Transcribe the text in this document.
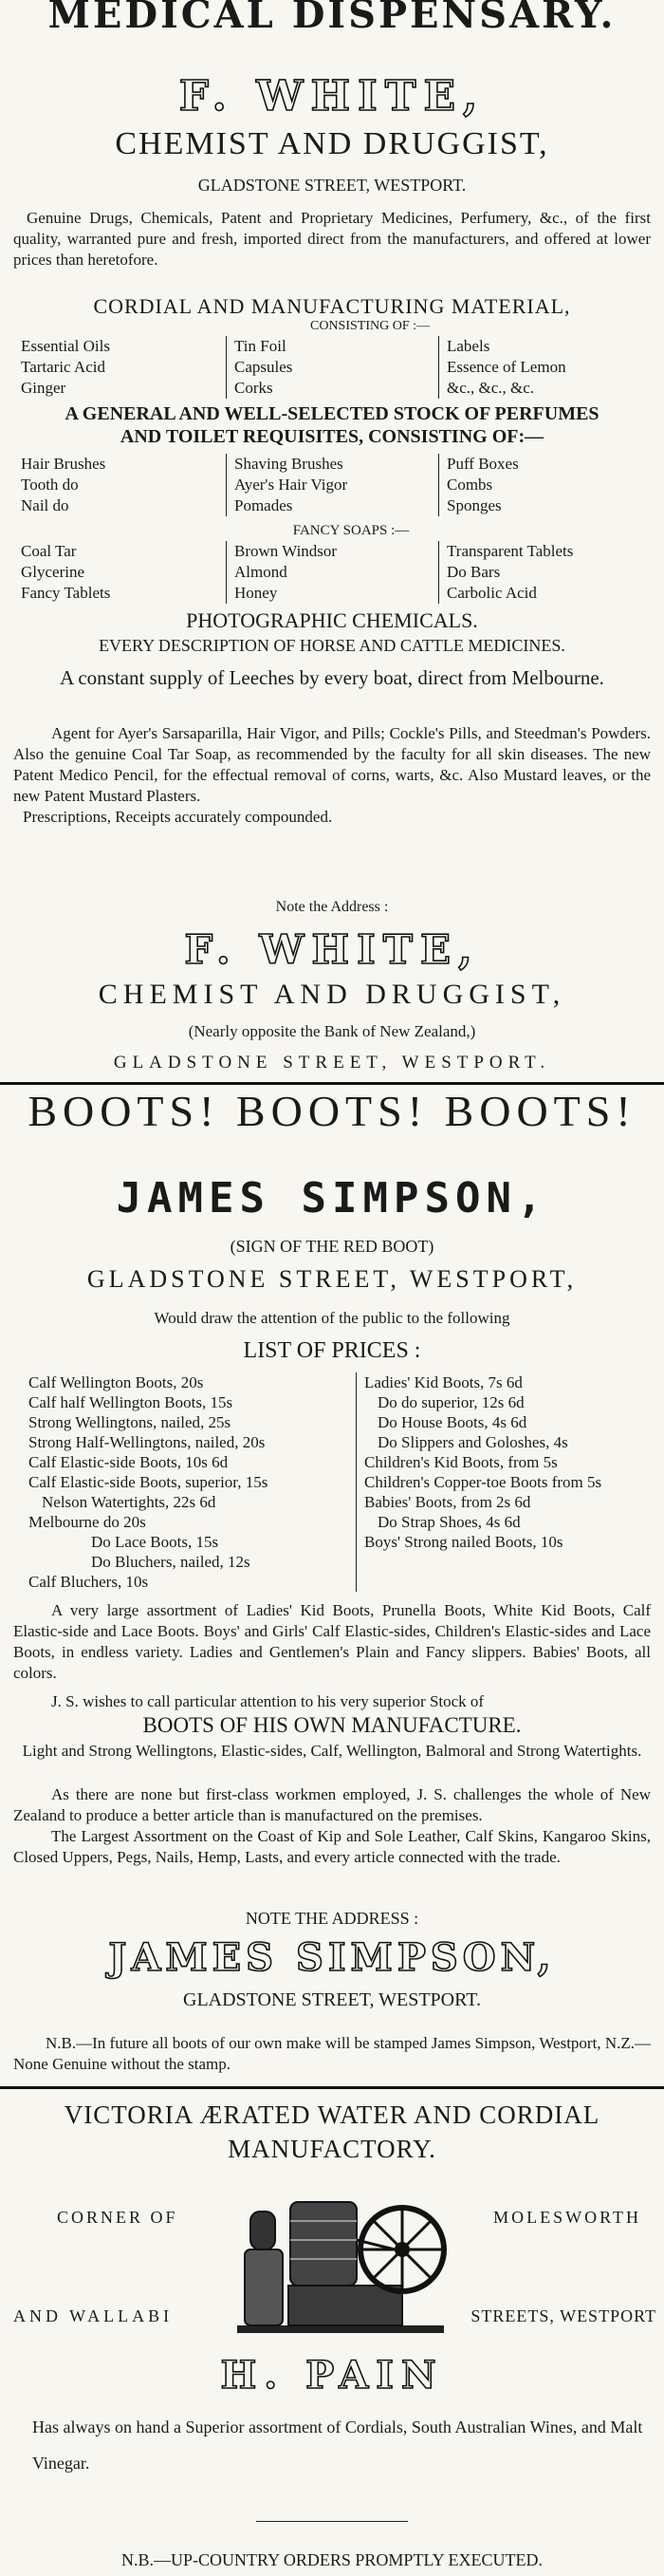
MEDICAL DISPENSARY.
F. WHITE,
CHEMIST AND DRUGGIST,
GLADSTONE STREET, WESTPORT.
Genuine Drugs, Chemicals, Patent and Proprietary Medicines, Perfumery, &c., of the first quality, warranted pure and fresh, imported direct from the manufacturers, and offered at lower prices than heretofore.
CORDIAL AND MANUFACTURING MATERIAL,
CONSISTING OF :—
Essential Oils
Tartaric Acid
Ginger
Tin Foil
Capsules
Corks
Labels
Essence of Lemon
&c., &c., &c.
A GENERAL AND WELL-SELECTED STOCK OF PERFUMES
AND TOILET REQUISITES, CONSISTING OF:—
Hair Brushes
Tooth do
Nail do
Shaving Brushes
Ayer's Hair Vigor
Pomades
Puff Boxes
Combs
Sponges
FANCY SOAPS :—
Coal Tar
Glycerine
Fancy Tablets
Brown Windsor
Almond
Honey
Transparent Tablets
Do Bars
Carbolic Acid
PHOTOGRAPHIC CHEMICALS.
EVERY DESCRIPTION OF HORSE AND CATTLE MEDICINES.
A constant supply of Leeches by every boat, direct from Melbourne.
Agent for Ayer's Sarsaparilla, Hair Vigor, and Pills; Cockle's Pills, and Steedman's Powders. Also the genuine Coal Tar Soap, as recommended by the faculty for all skin diseases. The new Patent Medico Pencil, for the effectual removal of corns, warts, &c. Also Mustard leaves, or the new Patent Mustard Plasters.
Prescriptions, Receipts accurately compounded.
Note the Address :
F. WHITE,
CHEMIST AND DRUGGIST,
(Nearly opposite the Bank of New Zealand,)
GLADSTONE STREET, WESTPORT.
BOOTS! BOOTS! BOOTS!
JAMES SIMPSON,
(SIGN OF THE RED BOOT)
GLADSTONE STREET, WESTPORT,
Would draw the attention of the public to the following
LIST OF PRICES :
Calf Wellington Boots, 20s
Calf half Wellington Boots, 15s
Strong Wellingtons, nailed, 25s
Strong Half-Wellingtons, nailed, 20s
Calf Elastic-side Boots, 10s 6d
Calf Elastic-side Boots, superior, 15s
Nelson Watertights, 22s 6d
Melbourne do 20s
Do Lace Boots, 15s
Do Bluchers, nailed, 12s
Calf Bluchers, 10s
Ladies' Kid Boots, 7s 6d
Do do superior, 12s 6d
Do House Boots, 4s 6d
Do Slippers and Goloshes, 4s
Children's Kid Boots, from 5s
Children's Copper-toe Boots from 5s
Babies' Boots, from 2s 6d
Do Strap Shoes, 4s 6d
Boys' Strong nailed Boots, 10s
A very large assortment of Ladies' Kid Boots, Prunella Boots, White Kid Boots, Calf Elastic-side and Lace Boots. Boys' and Girls' Calf Elastic-sides, Children's Elastic-sides and Lace Boots, in endless variety. Ladies and Gentlemen's Plain and Fancy slippers. Babies' Boots, all colors.
J. S. wishes to call particular attention to his very superior Stock of
BOOTS OF HIS OWN MANUFACTURE.
Light and Strong Wellingtons, Elastic-sides, Calf, Wellington, Balmoral and Strong Watertights.
As there are none but first-class workmen employed, J. S. challenges the whole of New Zealand to produce a better article than is manufactured on the premises.
The Largest Assortment on the Coast of Kip and Sole Leather, Calf Skins, Kangaroo Skins, Closed Uppers, Pegs, Nails, Hemp, Lasts, and every article connected with the trade.
NOTE THE ADDRESS :
JAMES SIMPSON,
GLADSTONE STREET, WESTPORT.
N.B.—In future all boots of our own make will be stamped James Simpson, Westport, N.Z.—None Genuine without the stamp.
VICTORIA ÆRATED WATER AND CORDIAL
MANUFACTORY.
CORNER OF	MOLESWORTH
AND WALLABI	STREETS, WESTPORT
H. PAIN
Has always on hand a Superior assortment of Cordials, South Australian Wines, and Malt Vinegar.
N.B.—UP-COUNTRY ORDERS PROMPTLY EXECUTED.
